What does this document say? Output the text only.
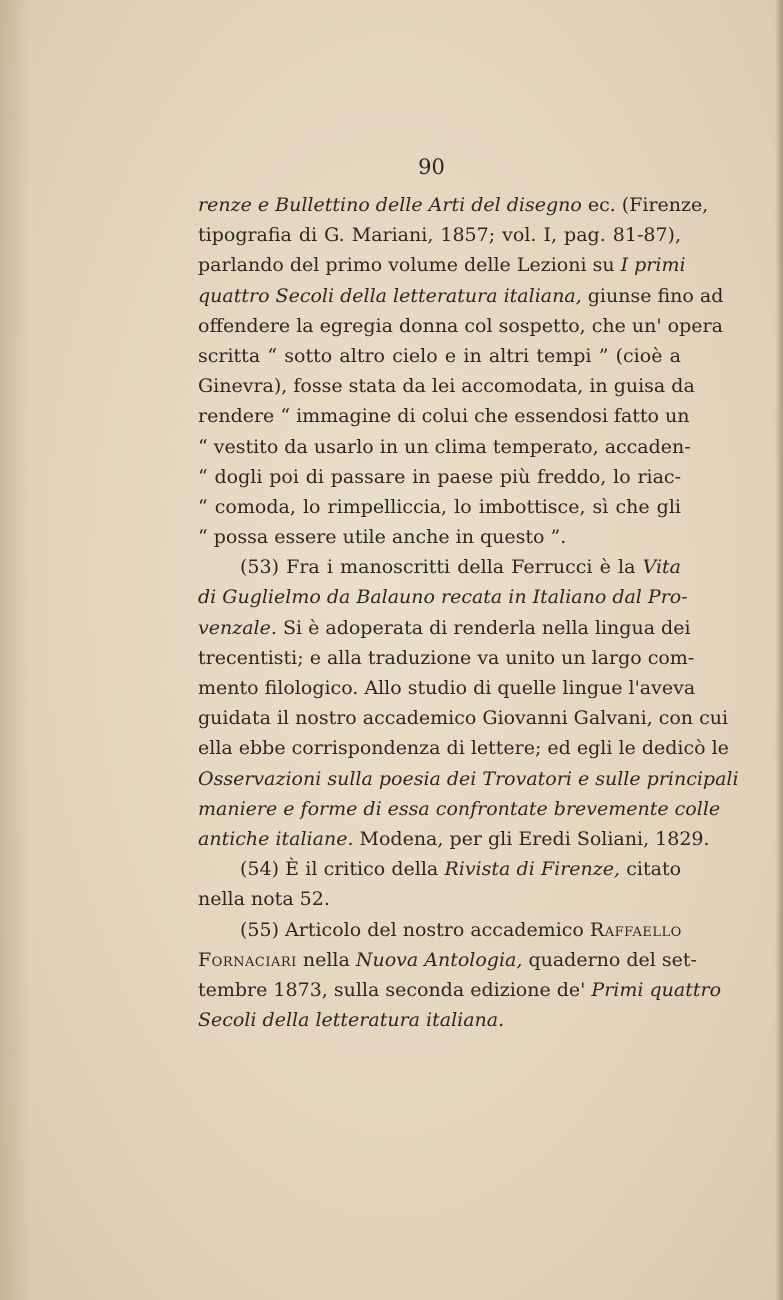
90
renze e Bullettino delle Arti del disegno ec. (Firenze,
tipografia di G. Mariani, 1857; vol. I, pag. 81-87),
parlando del primo volume delle Lezioni su I primi
quattro Secoli della letteratura italiana, giunse fino ad
offendere la egregia donna col sospetto, che un' opera
scritta “ sotto altro cielo e in altri tempi ” (cioè a
Ginevra), fosse stata da lei accomodata, in guisa da
rendere “ immagine di colui che essendosi fatto un
“ vestito da usarlo in un clima temperato, accaden-
“ dogli poi di passare in paese più freddo, lo riac-
“ comoda, lo rimpelliccia, lo imbottisce, sì che gli
“ possa essere utile anche in questo ”.
(53) Fra i manoscritti della Ferrucci è la Vita
di Guglielmo da Balauno recata in Italiano dal Pro-
venzale. Si è adoperata di renderla nella lingua dei
trecentisti; e alla traduzione va unito un largo com-
mento filologico. Allo studio di quelle lingue l'aveva
guidata il nostro accademico Giovanni Galvani, con cui
ella ebbe corrispondenza di lettere; ed egli le dedicò le
Osservazioni sulla poesia dei Trovatori e sulle principali
maniere e forme di essa confrontate brevemente colle
antiche italiane. Modena, per gli Eredi Soliani, 1829.
(54) È il critico della Rivista di Firenze, citato
nella nota 52.
(55) Articolo del nostro accademico Raffaello
Fornaciari nella Nuova Antologia, quaderno del set-
tembre 1873, sulla seconda edizione de' Primi quattro
Secoli della letteratura italiana.
